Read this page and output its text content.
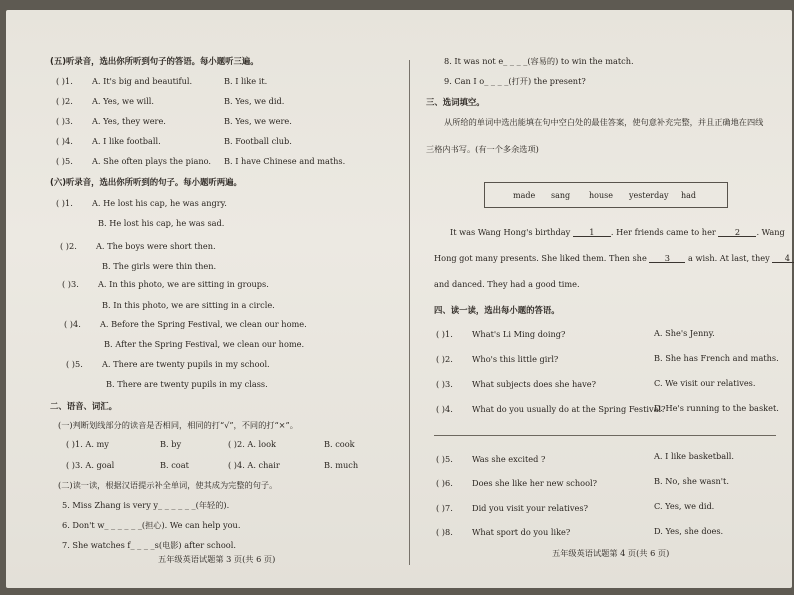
(五)听录音，选出你所听到句子的答语。每小题听三遍。
( )1. A. It's big and beautiful.	B. I like it.
( )2. A. Yes, we will.	B. Yes, we did.
( )3. A. Yes, they were.	B. Yes, we were.
( )4. A. I like football.	B. Football club.
( )5. A. She often plays the piano. B. I have Chinese and maths.
(六)听录音，选出你所听到的句子。每小题听两遍。
( )1. A. He lost his cap, he was angry.
B. He lost his cap, he was sad.
( )2. A. The boys were short then.
B. The girls were thin then.
( )3. A. In this photo, we are sitting in groups.
B. In this photo, we are sitting in a circle.
( )4. A. Before the Spring Festival, we clean our home.
B. After the Spring Festival, we clean our home.
( )5. A. There are twenty pupils in my school.
B. There are twenty pupils in my class.
二、语音、词汇。
(一)判断划线部分的读音是否相同，相同的打“√”，不同的打“×”。
( )1. A. my	B. by	( )2. A. look	B. cook
( )3. A. goal	B. coat	( )4. A. chair	B. much
(二)读一读，根据汉语提示补全单词，使其成为完整的句子。
5. Miss Zhang is very y_ _ _ _ _ _(年轻的).
6. Don't w_ _ _ _ _ _(担心). We can help you.
7. She watches f_ _ _ _s(电影) after school.
五年级英语试题第 3 页(共 6 页)
8. It was not e_ _ _ _(容易的) to win the match.
9. Can I o_ _ _ _(打开) the present?
三、选词填空。
从所给的单词中选出能填在句中空白处的最佳答案，使句意补充完整，并且正确地在四线
三格内书写。(有一个多余选项)
made sang house yesterday had
It was Wang Hong's birthday 1 . Her friends came to her 2 . Wang
Hong got many presents. She liked them. Then she 3 a wish. At last, they 4
and danced. They had a good time.
四、读一读，选出每小题的答语。
( )1. What's Li Ming doing?	A. She's Jenny.
( )2. Who's this little girl?	B. She has French and maths.
( )3. What subjects does she have?	C. We visit our relatives.
( )4. What do you usually do at the Spring Festival?
D. He's running to the basket.
( )5. Was she excited ?	A. I like basketball.
( )6. Does she like her new school?	B. No, she wasn't.
( )7. Did you visit your relatives?	C. Yes, we did.
( )8. What sport do you like?	D. Yes, she does.
五年级英语试题第 4 页(共 6 页)
